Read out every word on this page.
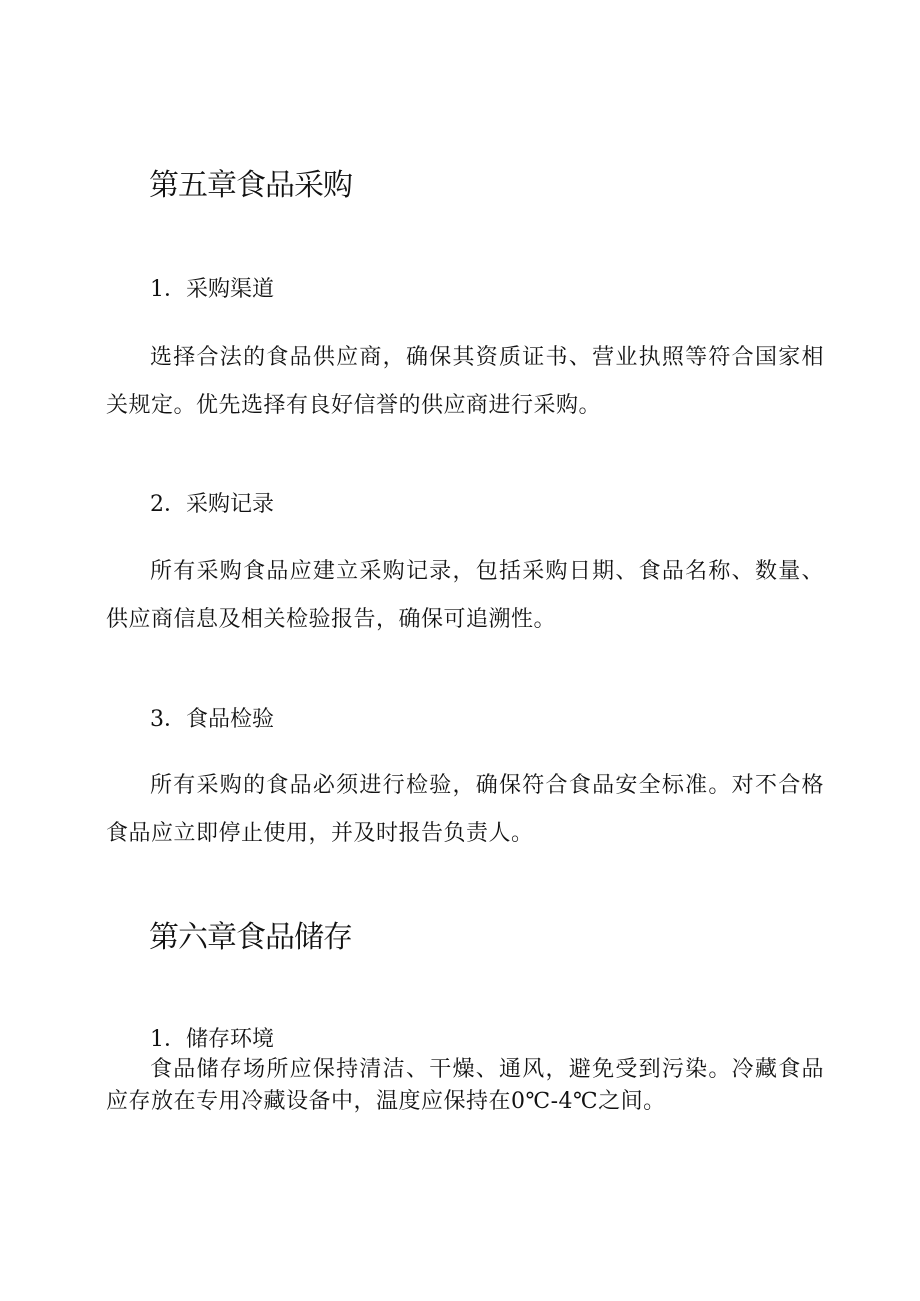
第五章食品采购
1．采购渠道

选择合法的食品供应商，确保其资质证书、营业执照等符合国家相关规定。优先选择有良好信誉的供应商进行采购。

2．采购记录

所有采购食品应建立采购记录，包括采购日期、食品名称、数量、供应商信息及相关检验报告，确保可追溯性。

3．食品检验

所有采购的食品必须进行检验，确保符合食品安全标准。对不合格食品应立即停止使用，并及时报告负责人。

第六章食品储存
1．储存环境

食品储存场所应保持清洁、干燥、通风，避免受到污染。冷藏食品应存放在专用冷藏设备中，温度应保持在0℃-4℃之间。
